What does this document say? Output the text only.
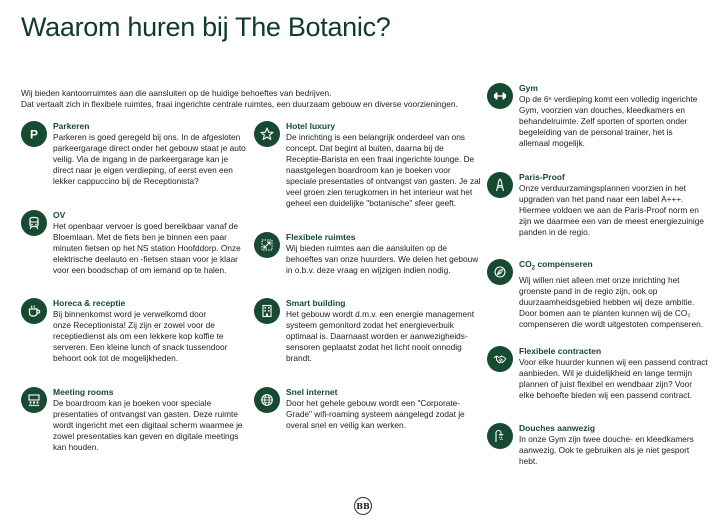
Waarom huren bij The Botanic?

Wij bieden kantoorruimtes aan die aansluiten op de huidige behoeftes van bedrijven.

Dat vertaalt zich in flexibele ruimtes, fraai ingerichte centrale ruimtes, een duurzaam gebouw en diverse voorzieningen.

P

Parkeren

Parkeren is goed geregeld bij ons. In de afgesloten
parkeergarage direct onder het gebouw staat je auto
veilig. Via de ingang in de parkeergarage kan je
direct naar je eigen verdieping, of eerst even een
lekker cappuccino bij de Receptionista?

OV

Het openbaar vervoer is goed bereikbaar vanaf de
Bloemlaan. Met de fiets ben je binnen een paar
minuten fietsen op het NS station Hoofddorp. Onze
elektrische deelauto en -fietsen staan voor je klaar
voor een boodschap of om iemand op te halen.

Horeca & receptie

Bij binnenkomst word je verwelkomd door
onze Receptionista! Zij zijn er zowel voor de
receptiedienst als om een lekkere kop koffie te
serveren. Een kleine lunch of snack tussendoor
behoort ook tot de mogelijkheden.

Meeting rooms

De boardroom kan je boeken voor speciale
presentaties of ontvangst van gasten. Deze ruimte
wordt ingericht met een digitaal scherm waarmee je
zowel presentaties kan geven en digitale meetings
kan houden.

Hotel luxury

De inrichting is een belangrijk onderdeel van ons
concept. Dat begint al buiten, daarna bij de
Receptie-Barista en een fraai ingerichte lounge. De
naastgelegen boardroom kan je boeken voor
speciale presentaties of ontvangst van gasten. Je zal
veel groen zien terugkomen in het interieur wat het
geheel een duidelijke "botanische" sfeer geeft.

Flexibele ruimtes

Wij bieden ruimtes aan die aansluiten op de
behoeftes van onze huurders. We delen het gebouw
in o.b.v. deze vraag en wijzigen indien nodig.

Smart building

Het gebouw wordt d.m.v. een energie management
systeem gemonitord zodat het energieverbuik
optimaal is. Daarnaast worden er aanwezigheids-
sensoren geplaatst zodat het licht nooit onnodig
brandt.

Snel internet

Door het gehele gebouw wordt een "Corporate-
Grade" wifi-roaming systeem aangelegd zodat je
overal snel en veilig kan werken.

Gym

Op de 6ᵉ verdieping komt een volledig ingerichte
Gym, voorzien van douches, kleedkamers en
behandelruimte. Zelf sporten of sporten onder
begeleiding van de personal trainer, het is
allemaal mogelijk.

Paris-Proof

Onze verduurzamingsplannen voorzien in het
upgraden van het pand naar een label A+++.
Hiermee voldoen we aan de Paris-Proof norm en
zijn we daarmee een van de meest energiezuinige
panden in de regio.

$CO_2$ compenseren

Wij willen niet alleen met onze inrichting het
groenste pand in de regio zijn, ook op
duurzaamheidsgebied hebben wij deze ambitie.
Door bomen aan te planten kunnen wij de CO₂
compenseren die wordt uitgestoten compenseren.

Flexibele contracten

Voor elke huurder kunnen wij een passend contract
aanbieden. Wil je duidelijkheid en lange termijn
plannen of juist flexibel en wendbaar zijn? Voor
elke behoefte bieden wij een passend contract.

Douches aanwezig

In onze Gym zijn twee douche- en kleedkamers
aanwezig. Ook te gebruiken als je niet gesport
hebt.

BB
